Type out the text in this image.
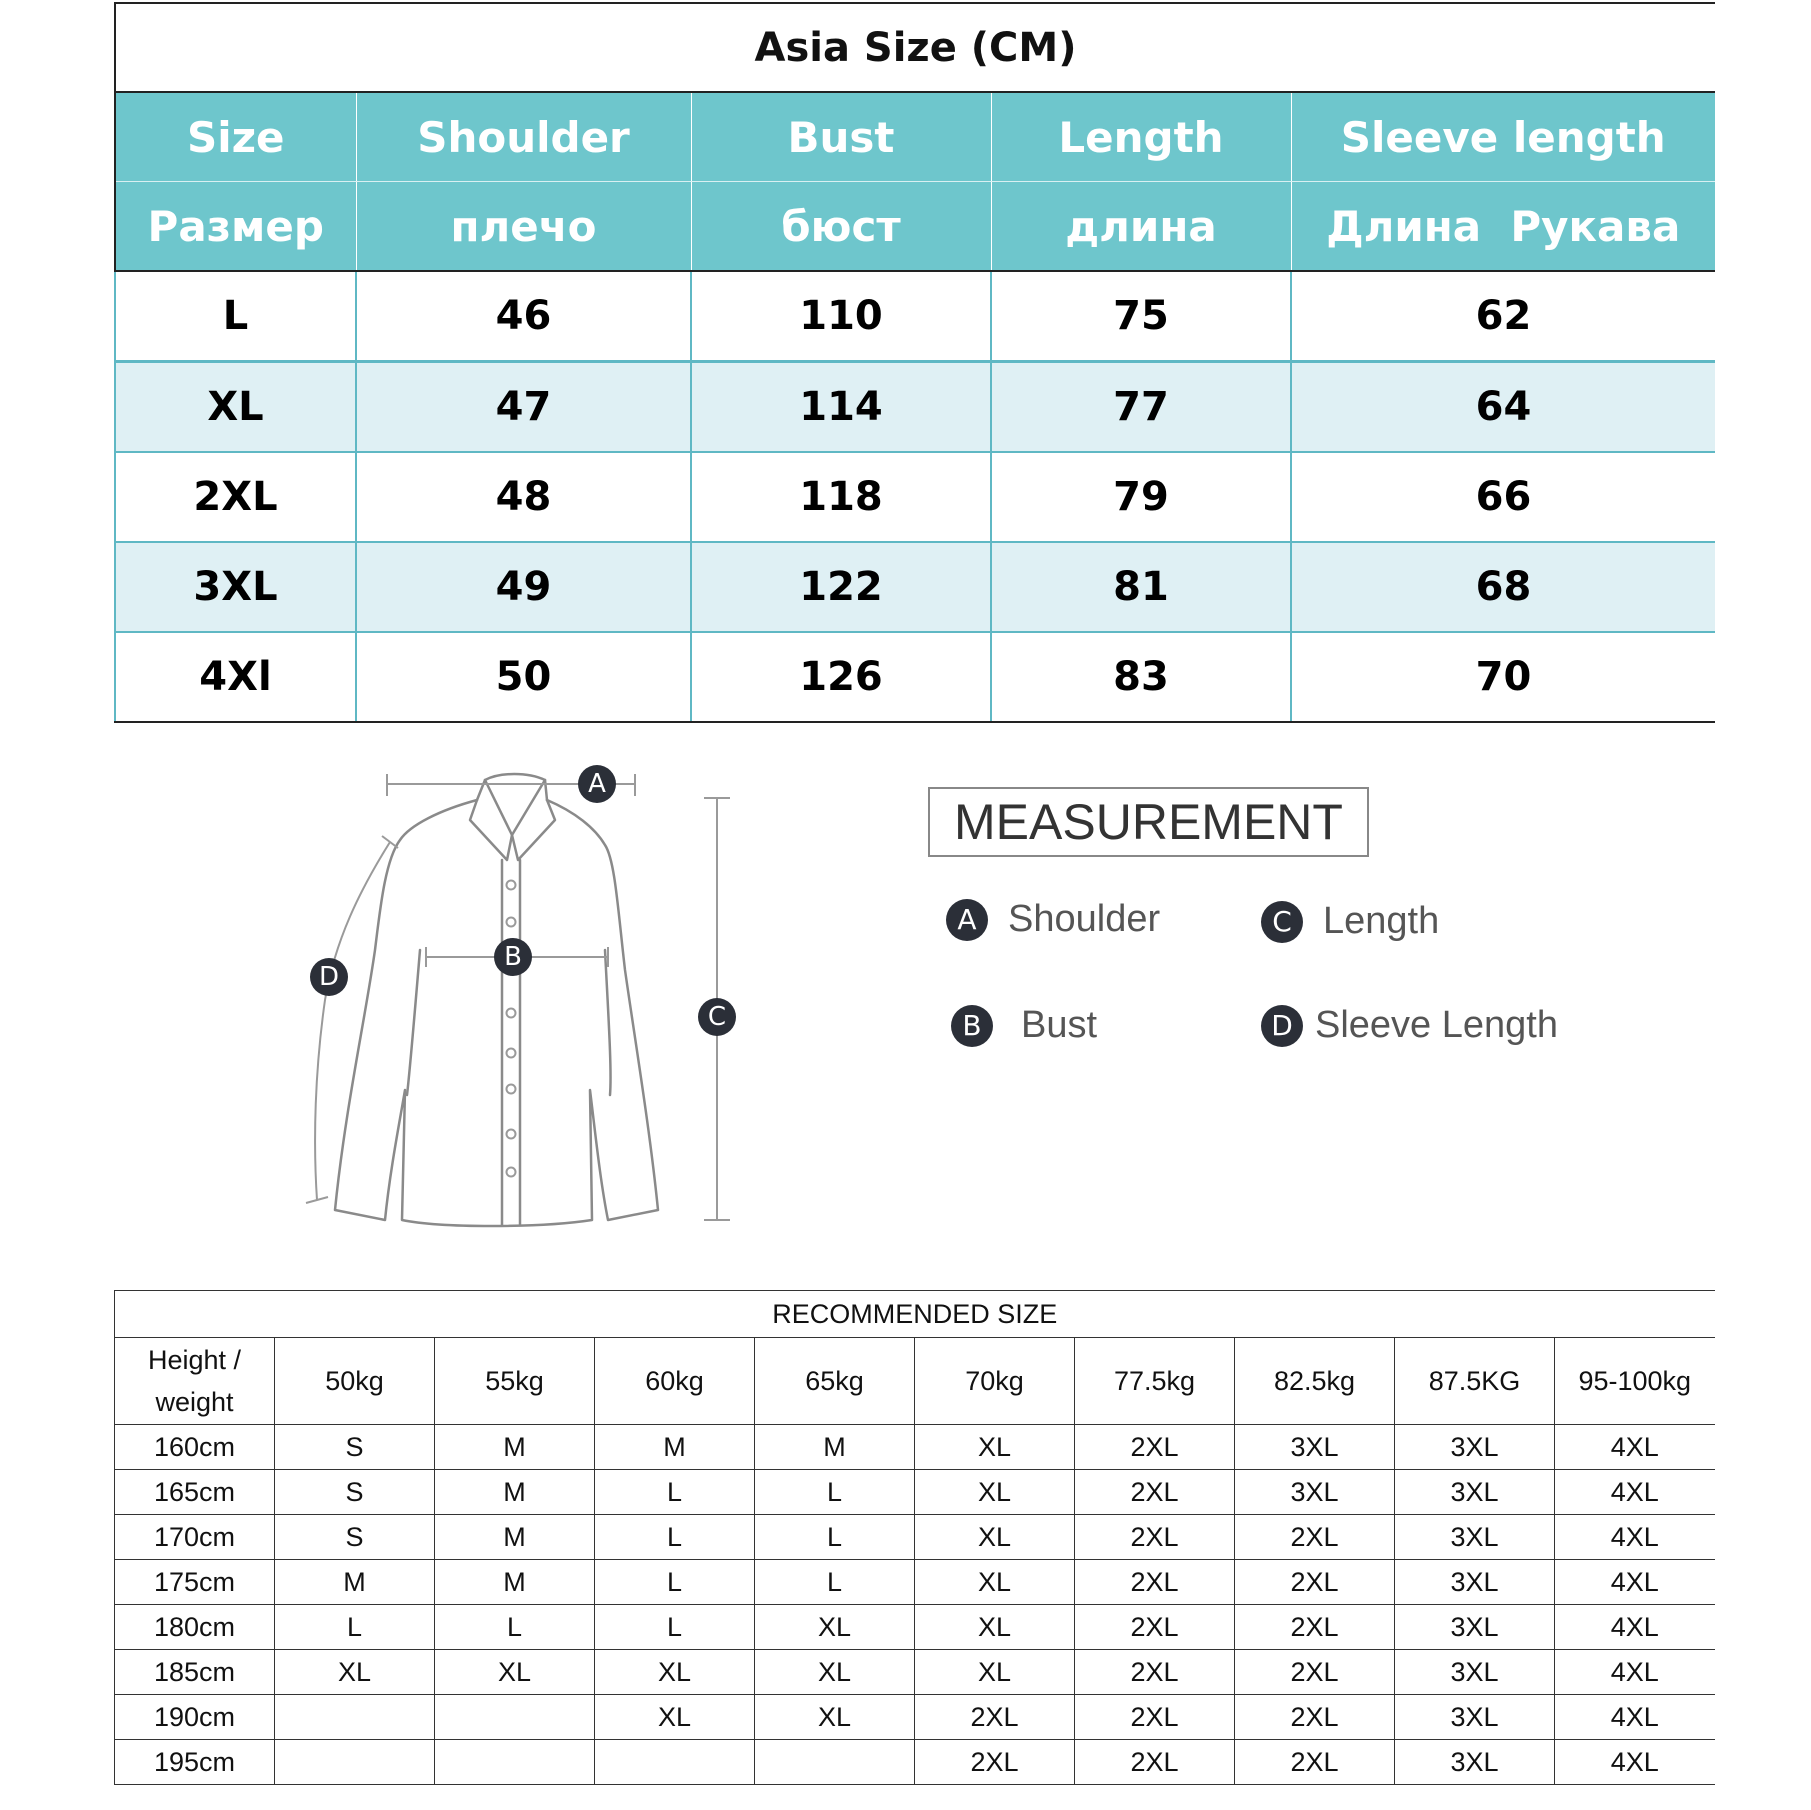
Asia Size (CM)				
Size	Shoulder	Bust	Length	Sleeve length
Размер	плечо	бюст	длина	Длина  Рукава
L	46	110	75	62
XL	47	114	77	64
2XL	48	118	79	66
3XL	49	122	81	68
4Xl	50	126	83	70
A
B
C
D
MEASUREMENT
A Shoulder	C Length
B Bust	D Sleeve Length
RECOMMENDED SIZE									

Height /
weight	50kg	55kg	60kg	65kg	70kg	77.5kg	82.5kg	87.5KG	95-100kg
160cm	S	M	M	M	XL	2XL	3XL	3XL	4XL
165cm	S	M	L	L	XL	2XL	3XL	3XL	4XL
170cm	S	M	L	L	XL	2XL	2XL	3XL	4XL
175cm	M	M	L	L	XL	2XL	2XL	3XL	4XL
180cm	L	L	L	XL	XL	2XL	2XL	3XL	4XL
185cm	XL	XL	XL	XL	XL	2XL	2XL	3XL	4XL
190cm			XL	XL	2XL	2XL	2XL	3XL	4XL
195cm					2XL	2XL	2XL	3XL	4XL
